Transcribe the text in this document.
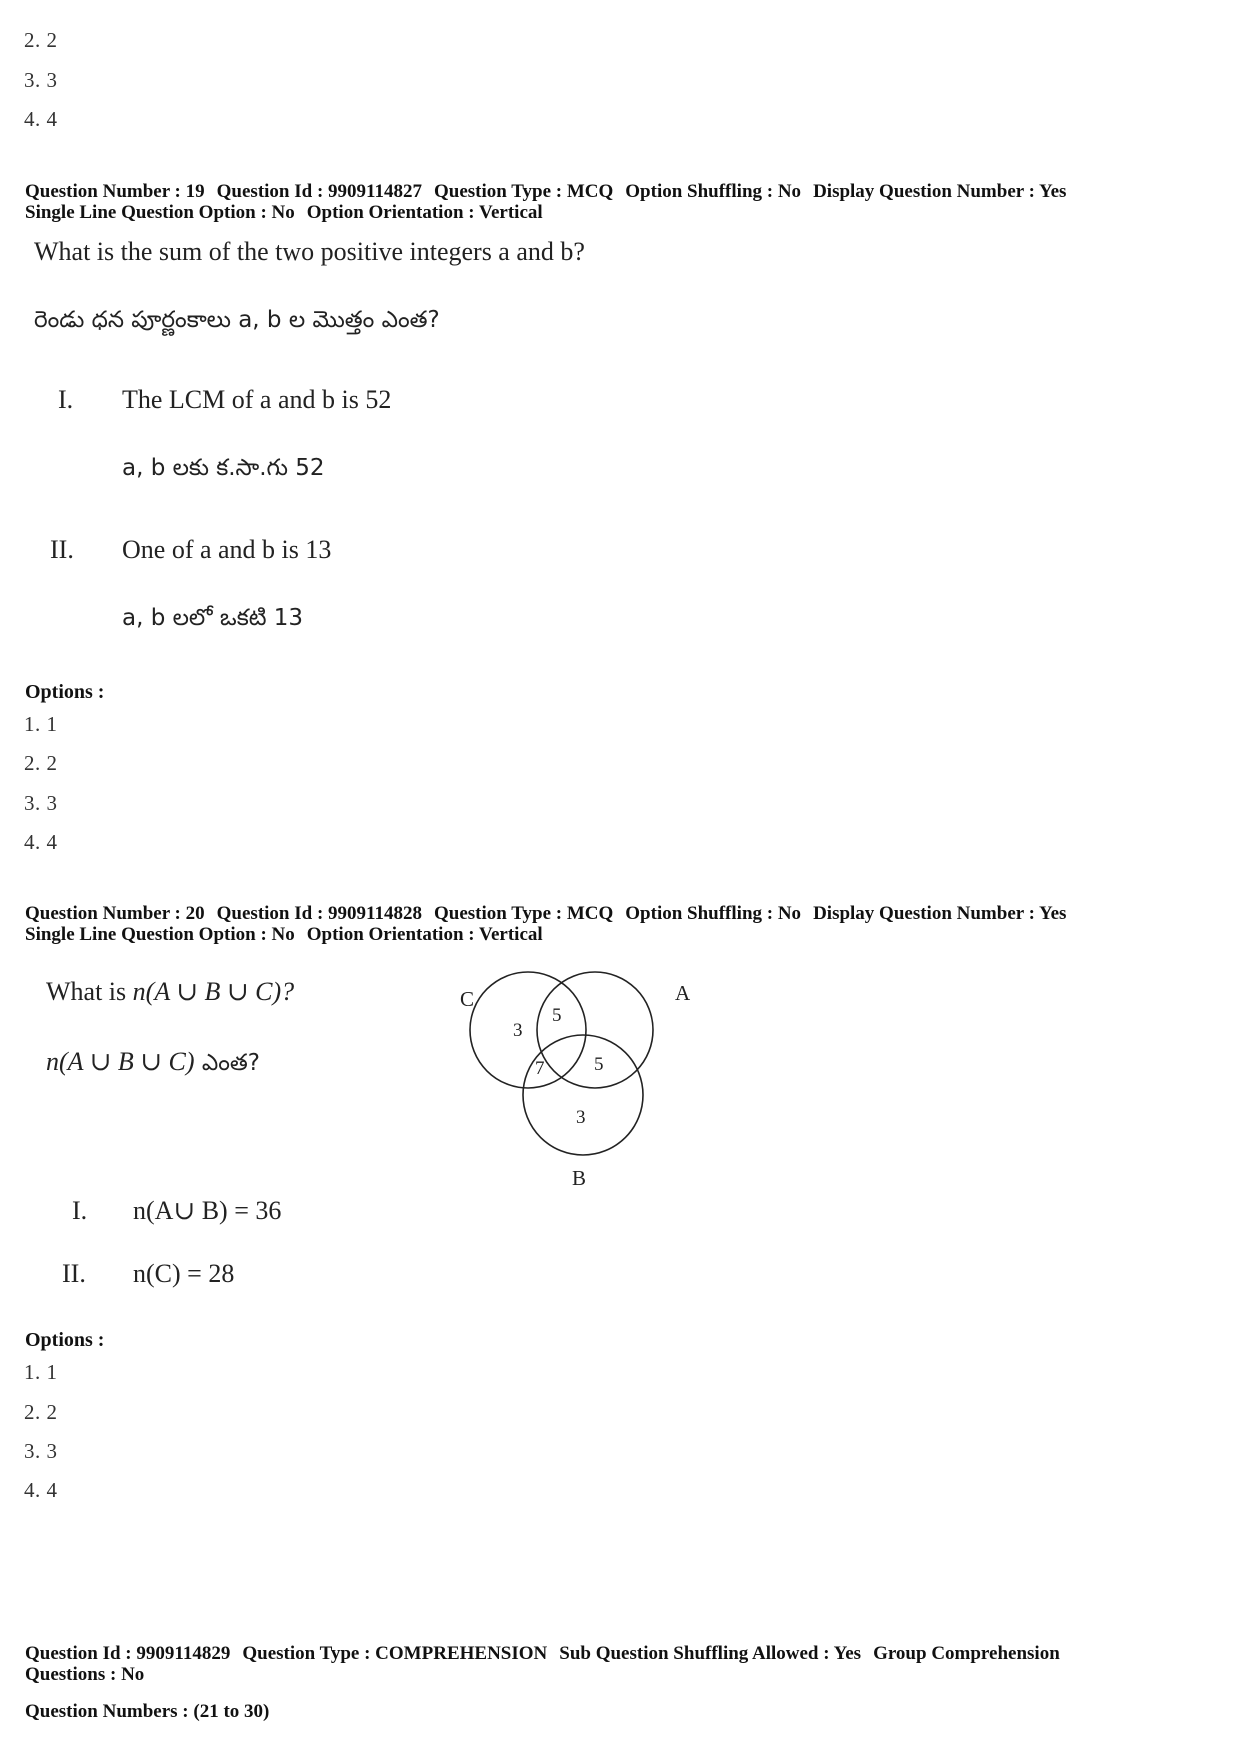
2. 2
3. 3
4. 4
Question Number : 19 Question Id : 9909114827 Question Type : MCQ Option Shuffling : No Display Question Number : Yes
Single Line Question Option : No Option Orientation : Vertical
What is the sum of the two positive integers a and b?
రెండు ధన పూర్ణంకాలు a, b ల మొత్తం ఎంత?
I. The LCM of a and b is 52
a, b లకు క.సా.గు 52
II. One of a and b is 13
a, b లలో ఒకటి 13
Options :
1. 1
2. 2
3. 3
4. 4
Question Number : 20 Question Id : 9909114828 Question Type : MCQ Option Shuffling : No Display Question Number : Yes
Single Line Question Option : No Option Orientation : Vertical
What is n(A ∪ B ∪ C)?
n(A ∪ B ∪ C) ఎంత?
C	A
B
3
5
7	5
3
I. n(A∪ B) = 36
II. n(C) = 28
Options :
1. 1
2. 2
3. 3
4. 4
Question Id : 9909114829 Question Type : COMPREHENSION Sub Question Shuffling Allowed : Yes Group Comprehension
Questions : No
Question Numbers : (21 to 30)
